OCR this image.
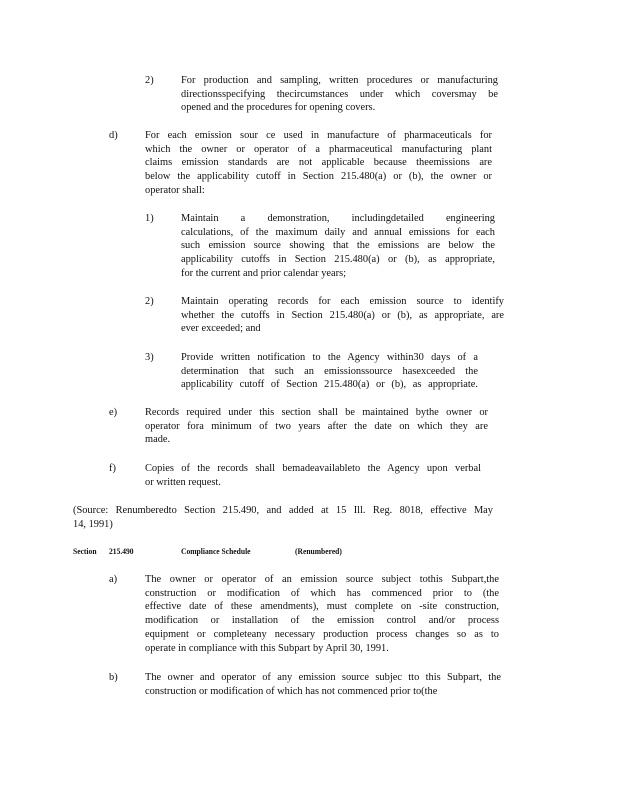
2)	For production and sampling, written procedures or manufacturing
directionsspecifying thecircumstances under which coversmay be
opened and the procedures for opening covers.
d)	For each emission sour ce used in manufacture of pharmaceuticals for
which the owner or operator of a pharmaceutical manufacturing plant
claims emission standards are not applicable because theemissions are
below the applicability cutoff in Section 215.480(a) or (b), the owner or
operator shall:
1)	Maintain a demonstration, includingdetailed engineering
calculations, of the maximum daily and annual emissions for each
such emission source showing that the emissions are below the
applicability cutoffs in Section 215.480(a) or (b), as appropriate,
for the current and prior calendar years;
2)	Maintain operating records for each emission source to identify
whether the cutoffs in Section 215.480(a) or (b), as appropriate, are
ever exceeded; and
3)	Provide written notification to the Agency within30 days of a
determination that such an emissionssource hasexceeded the
applicability cutoff of Section 215.480(a) or (b), as appropriate.
e)	Records required under this section shall be maintained bythe owner or
operator fora minimum of two years after the date on which they are
made.
f)	Copies of the records shall bemadeavailableto the Agency upon verbal
or written request.
(Source: Renumberedto Section 215.490, and added at 15 Ill. Reg. 8018, effective May
14, 1991)
Section 215.490	Compliance Schedule	(Renumbered)
a)	The owner or operator of an emission source subject tothis Subpart,the
construction or modification of which has commenced prior to (the
effective date of these amendments), must complete on -site construction,
modification or installation of the emission control and/or process
equipment or completeany necessary production process changes so as to
operate in compliance with this Subpart by April 30, 1991.
b)	The owner and operator of any emission source subjec tto this Subpart, the
construction or modification of which has not commenced prior to(the
